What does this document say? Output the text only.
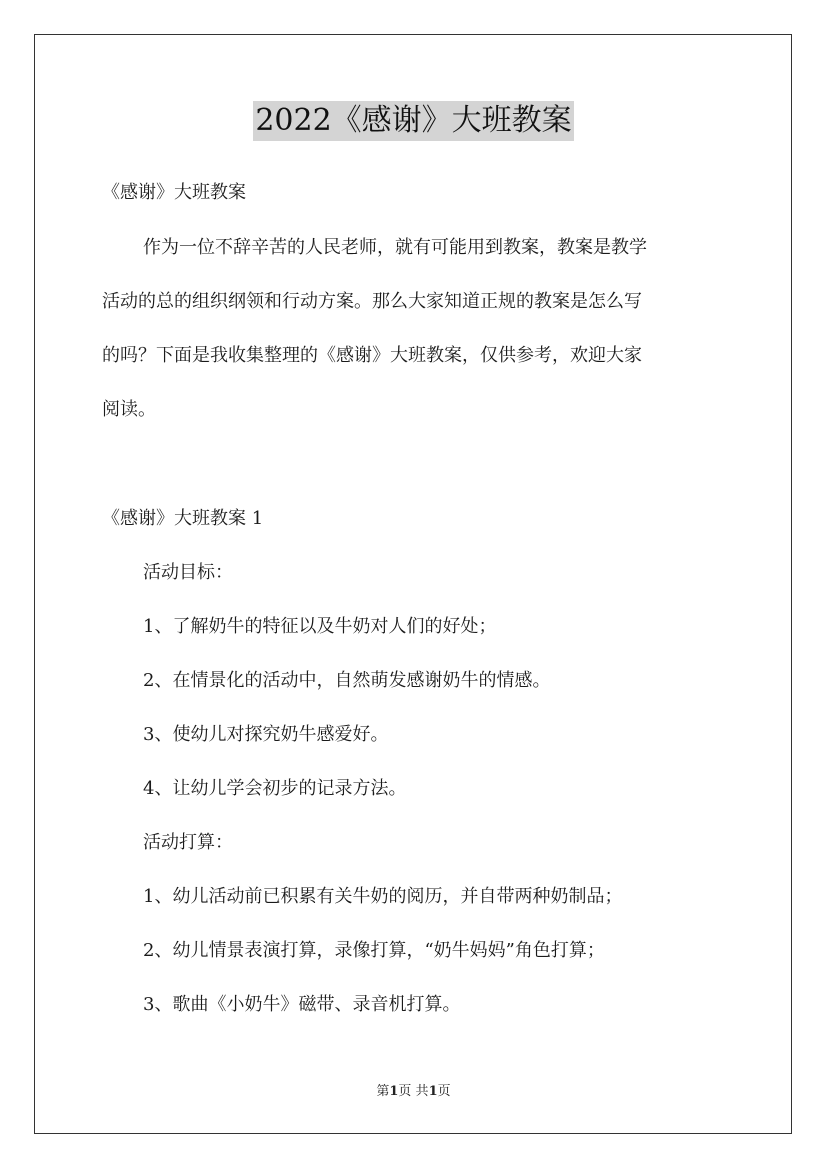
2022《感谢》大班教案
《感谢》大班教案
作为一位不辞辛苦的人民老师，就有可能用到教案，教案是教学
活动的总的组织纲领和行动方案。那么大家知道正规的教案是怎么写
的吗？下面是我收集整理的《感谢》大班教案，仅供参考，欢迎大家
阅读。
《感谢》大班教案 1
活动目标：
1、了解奶牛的特征以及牛奶对人们的好处；
2、在情景化的活动中，自然萌发感谢奶牛的情感。
3、使幼儿对探究奶牛感爱好。
4、让幼儿学会初步的记录方法。
活动打算：
1、幼儿活动前已积累有关牛奶的阅历，并自带两种奶制品；
2、幼儿情景表演打算，录像打算，“奶牛妈妈”角色打算；
3、歌曲《小奶牛》磁带、录音机打算。
第1页 共1页
